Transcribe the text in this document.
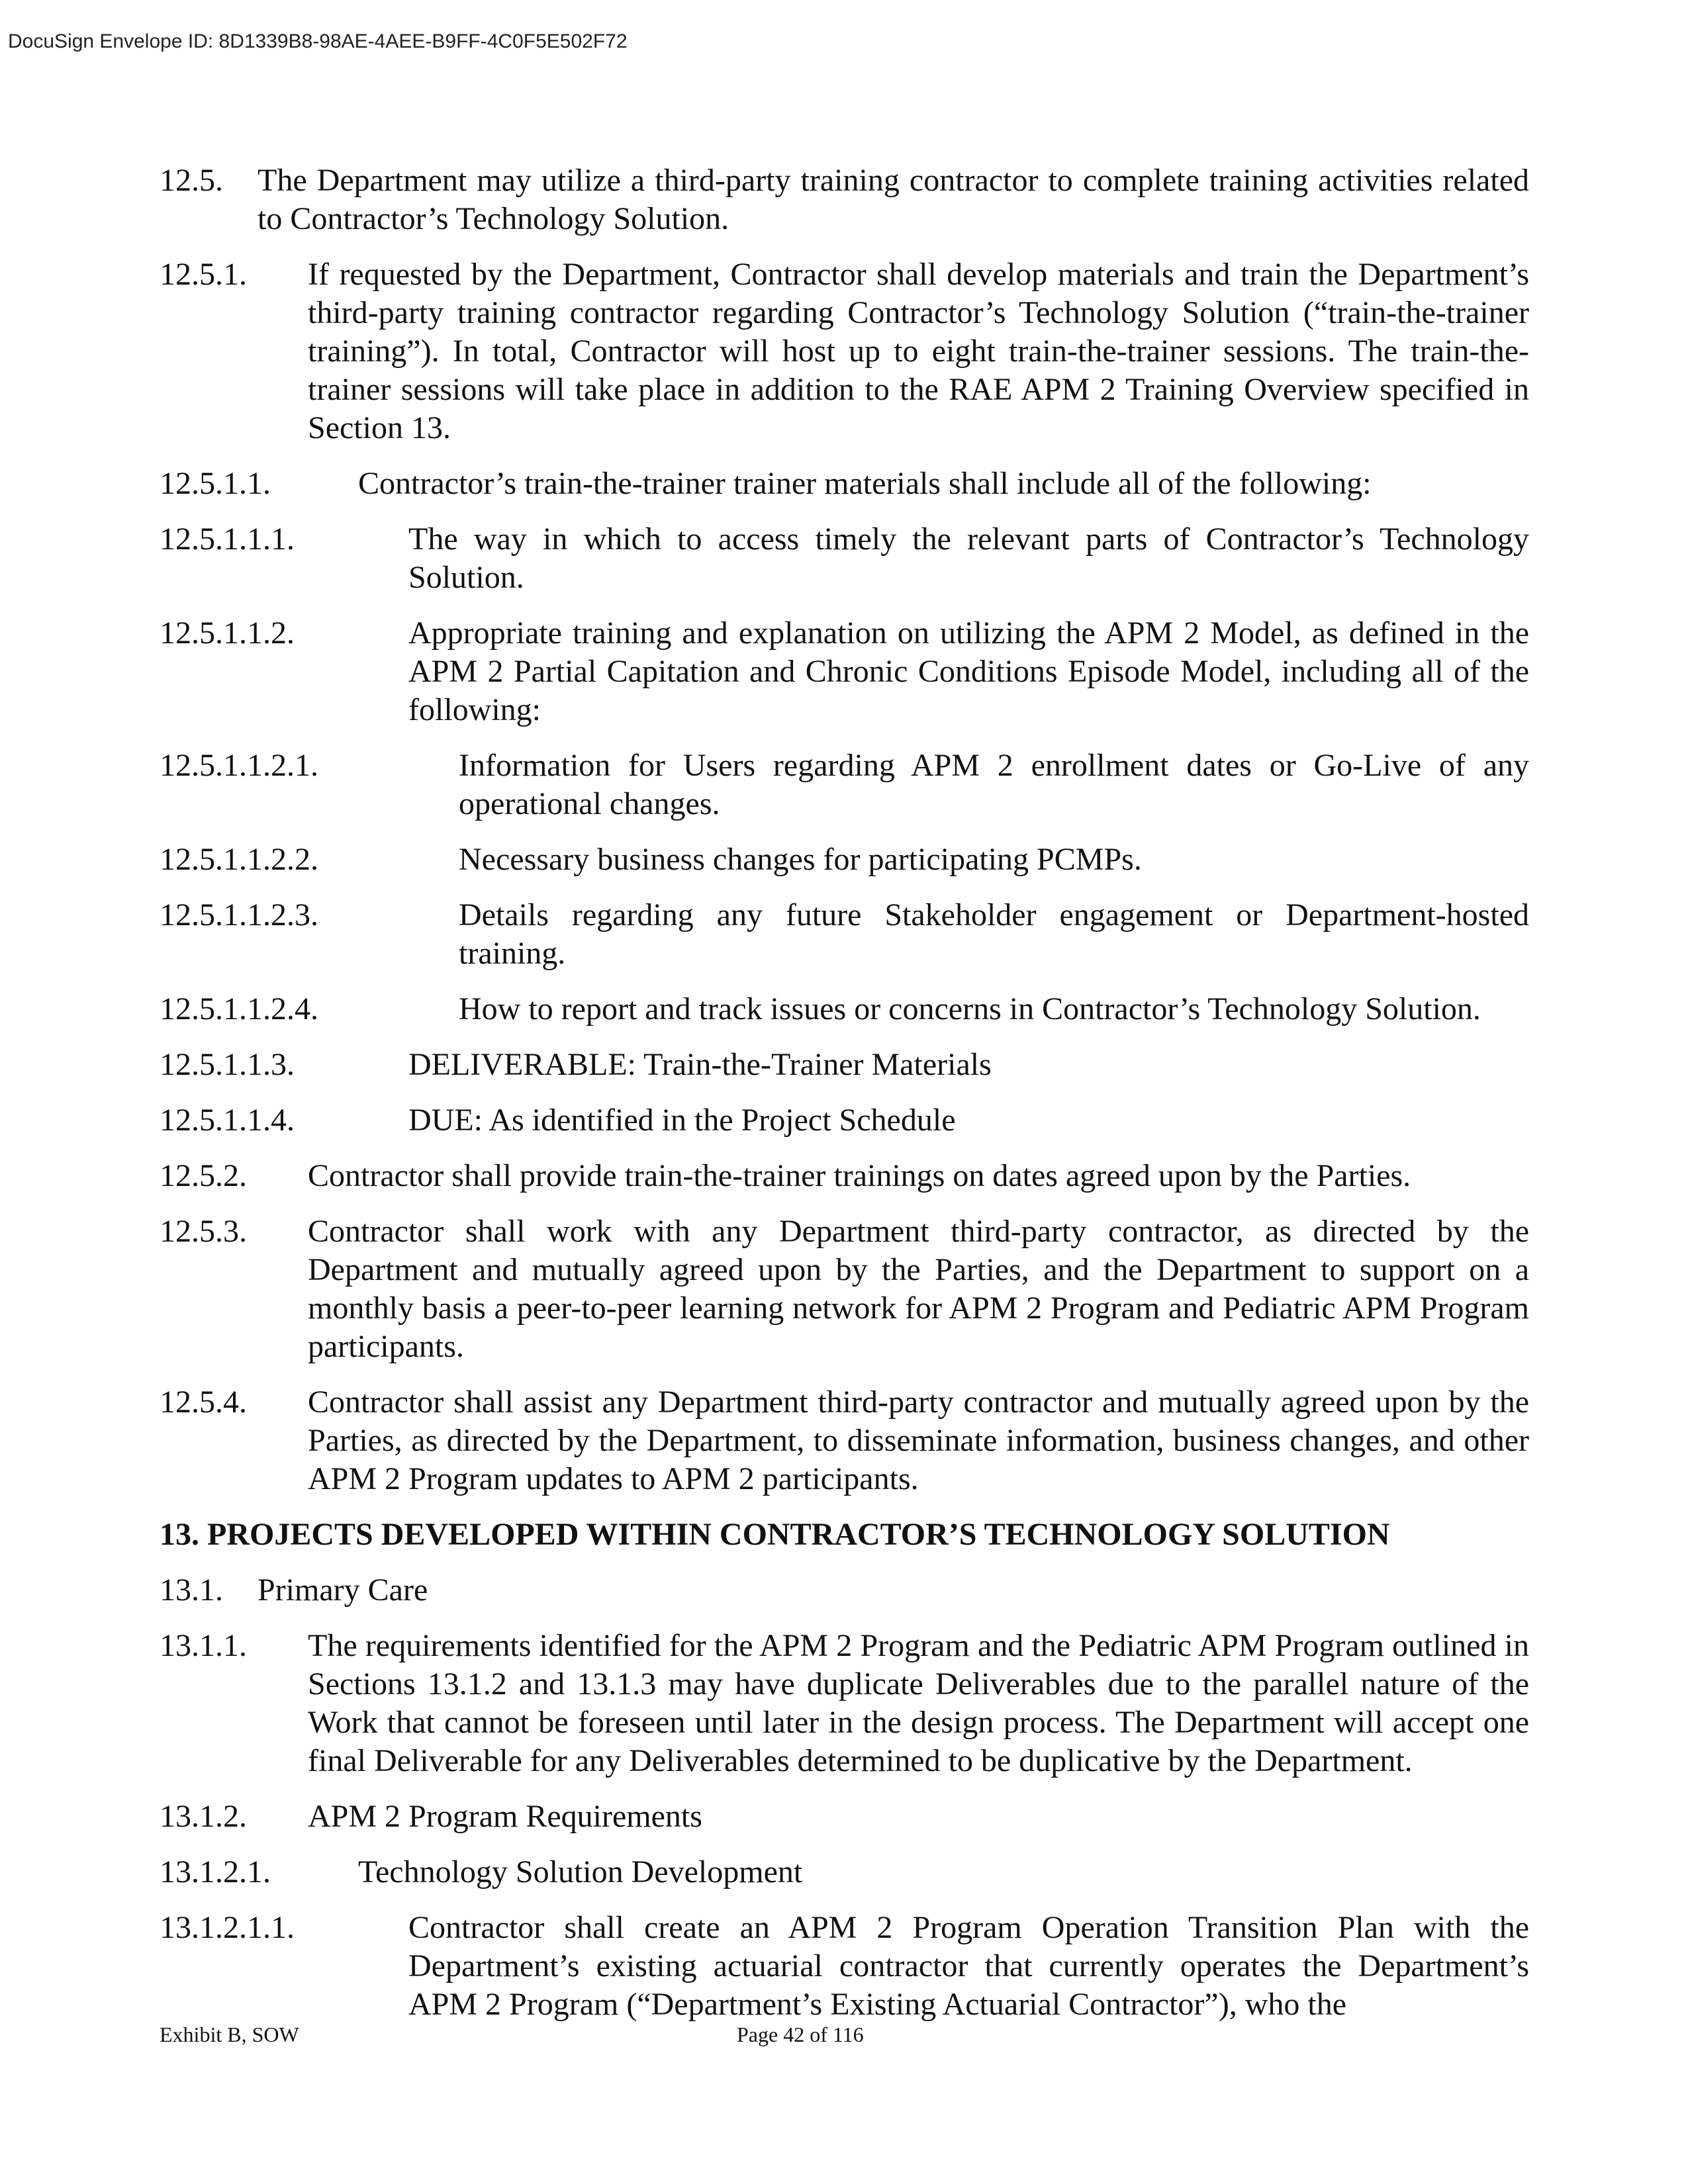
DocuSign Envelope ID: 8D1339B8-98AE-4AEE-B9FF-4C0F5E502F72
12.5.	The Department may utilize a third-party training contractor to complete training activities related to Contractor’s Technology Solution.
12.5.1.	If requested by the Department, Contractor shall develop materials and train the Department’s third-party training contractor regarding Contractor’s Technology Solution (“train-the-trainer training”). In total, Contractor will host up to eight train-the-trainer sessions. The train-the-trainer sessions will take place in addition to the RAE APM 2 Training Overview specified in Section 13.
12.5.1.1.	Contractor’s train-the-trainer trainer materials shall include all of the following:
12.5.1.1.1.	The way in which to access timely the relevant parts of Contractor’s Technology Solution.
12.5.1.1.2.	Appropriate training and explanation on utilizing the APM 2 Model, as defined in the APM 2 Partial Capitation and Chronic Conditions Episode Model, including all of the following:
12.5.1.1.2.1.	Information for Users regarding APM 2 enrollment dates or Go-Live of any operational changes.
12.5.1.1.2.2.	Necessary business changes for participating PCMPs.
12.5.1.1.2.3.	Details regarding any future Stakeholder engagement or Department-hosted training.
12.5.1.1.2.4.	How to report and track issues or concerns in Contractor’s Technology Solution.
12.5.1.1.3.	DELIVERABLE: Train-the-Trainer Materials
12.5.1.1.4.	DUE: As identified in the Project Schedule
12.5.2.	Contractor shall provide train-the-trainer trainings on dates agreed upon by the Parties.
12.5.3.	Contractor shall work with any Department third-party contractor, as directed by the Department and mutually agreed upon by the Parties, and the Department to support on a monthly basis a peer-to-peer learning network for APM 2 Program and Pediatric APM Program participants.
12.5.4.	Contractor shall assist any Department third-party contractor and mutually agreed upon by the Parties, as directed by the Department, to disseminate information, business changes, and other APM 2 Program updates to APM 2 participants.
13. PROJECTS DEVELOPED WITHIN CONTRACTOR’S TECHNOLOGY SOLUTION
13.1.	Primary Care
13.1.1.	The requirements identified for the APM 2 Program and the Pediatric APM Program outlined in Sections 13.1.2 and 13.1.3 may have duplicate Deliverables due to the parallel nature of the Work that cannot be foreseen until later in the design process. The Department will accept one final Deliverable for any Deliverables determined to be duplicative by the Department.
13.1.2.	APM 2 Program Requirements
13.1.2.1.	Technology Solution Development
13.1.2.1.1.	Contractor shall create an APM 2 Program Operation Transition Plan with the Department’s existing actuarial contractor that currently operates the Department’s APM 2 Program (“Department’s Existing Actuarial Contractor”), who the
Exhibit B, SOW	Page 42 of 116
